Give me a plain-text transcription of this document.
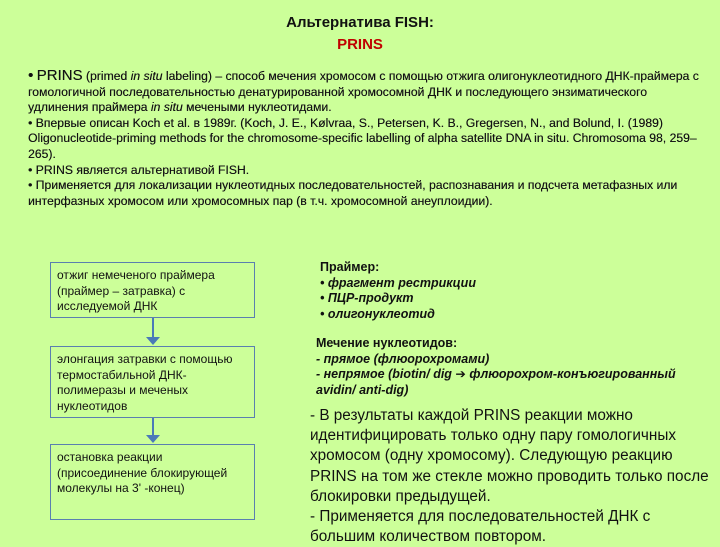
Альтернатива FISH:
PRINS
• PRINS (primed in situ labeling) – способ мечения хромосом с помощью отжига олигонуклеотидного ДНК-праймера с гомологичной последовательностью денатурированной хромосомной ДНК и последующего энзиматического удлинения праймера in situ мечеными нуклеотидами.
• Впервые описан Koch et al. в 1989г. (Koch, J. E., Kølvraa, S., Petersen, K. B., Gregersen, N., and Bolund, I. (1989) Oligonucleotide-priming methods for the chromosome-specific labelling of alpha satellite DNA in situ. Chromosoma 98, 259–265).
• PRINS является альтернативой FISH.
• Применяется для локализации нуклеотидных последовательностей, распознавания и подсчета метафазных или интерфазных хромосом или хромосомных пар (в т.ч. хромосомной анеуплоидии).
отжиг немеченого праймера (праймер – затравка) с исследуемой ДНК
элонгация затравки с помощью термостабильной ДНК-полимеразы и меченых нуклеотидов
остановка реакции (присоединение блокирующей молекулы на 3' -конец)
Праймер:
• фрагмент рестрикции
• ПЦР-продукт
• олигонуклеотид
Мечение нуклеотидов:
- прямое (флюорохромами)
- непрямое (biotin/ dig ➔ флюорохром-конъюгированный avidin/ anti-dig)
- В результаты каждой PRINS реакции можно идентифицировать только одну пару гомологичных хромосом (одну хромосому). Следующую реакцию PRINS на том же стекле можно проводить только после блокировки предыдущей.
- Применяется для последовательностей ДНК с большим количеством повтором.
